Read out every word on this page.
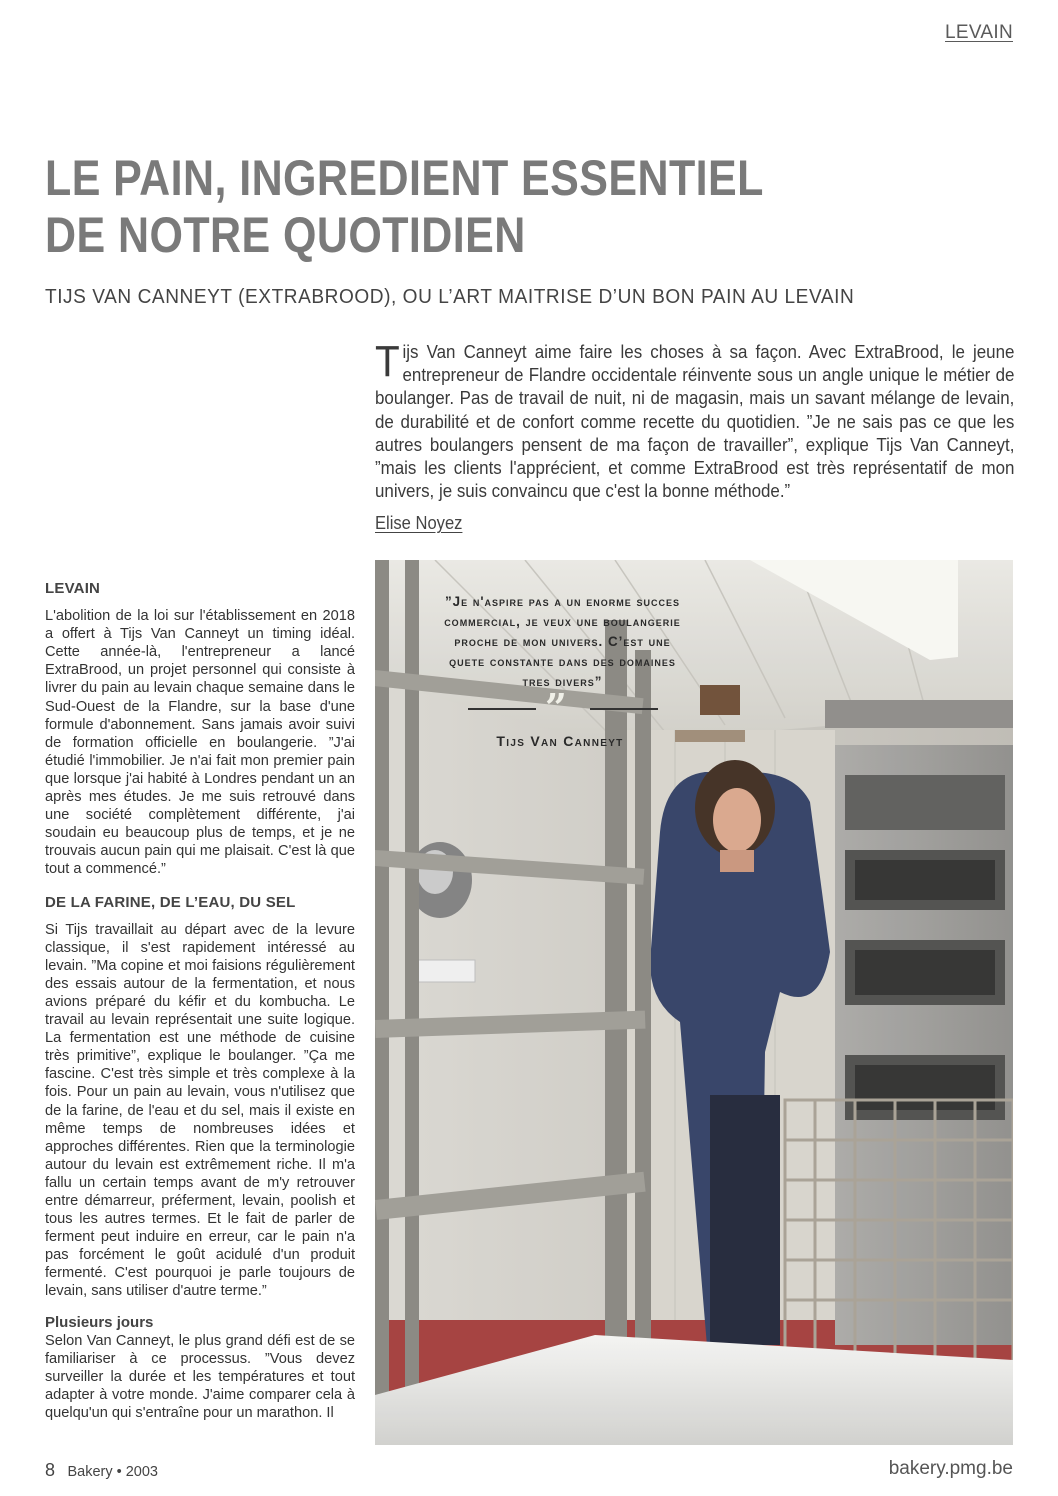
LEVAIN
LE PAIN, INGREDIENT ESSENTIEL
DE NOTRE QUOTIDIEN
TIJS VAN CANNEYT (EXTRABROOD), OU L’ART MAITRISE D’UN BON PAIN AU LEVAIN
Tijs Van Canneyt aime faire les choses à sa façon. Avec ExtraBrood, le jeune entrepreneur de Flandre occidentale réinvente sous un angle unique le métier de boulanger. Pas de travail de nuit, ni de magasin, mais un savant mélange de levain, de durabilité et de confort comme recette du quotidien. ”Je ne sais pas ce que les autres boulangers pensent de ma façon de travailler”, explique Tijs Van Canneyt, ”mais les clients l'apprécient, et comme ExtraBrood est très représentatif de mon univers, je suis convaincu que c'est la bonne méthode.”
Elise Noyez
LEVAIN

L'abolition de la loi sur l'établissement en 2018 a offert à Tijs Van Canneyt un timing idéal. Cette année-là, l'entrepreneur a lancé ExtraBrood, un projet personnel qui consiste à livrer du pain au levain chaque semaine dans le Sud-Ouest de la Flandre, sur la base d'une formule d'abonnement. Sans jamais avoir suivi de formation officielle en boulangerie. ”J'ai étudié l'immobilier. Je n'ai fait mon premier pain que lorsque j'ai habité à Londres pendant un an après mes études. Je me suis retrouvé dans une société complètement différente, j'ai soudain eu beaucoup plus de temps, et je ne trouvais aucun pain qui me plaisait. C'est là que tout a commencé.”

DE LA FARINE, DE L’EAU, DU SEL

Si Tijs travaillait au départ avec de la levure classique, il s'est rapidement intéressé au levain. ”Ma copine et moi faisions régulièrement des essais autour de la fermentation, et nous avions préparé du kéfir et du kombucha. Le travail au levain représentait une suite logique. La fermentation est une méthode de cuisine très primitive”, explique le boulanger. ”Ça me fascine. C'est très simple et très complexe à la fois. Pour un pain au levain, vous n'utilisez que de la farine, de l'eau et du sel, mais il existe en même temps de nombreuses idées et approches différentes. Rien que la terminologie autour du levain est extrêmement riche. Il m'a fallu un certain temps avant de m'y retrouver entre démarreur, préferment, levain, poolish et tous les autres termes. Et le fait de parler de ferment peut induire en erreur, car le pain n'a pas forcément le goût acidulé d'un produit fermenté. C'est pourquoi je parle toujours de levain, sans utiliser d'autre terme.”

Plusieurs jours

Selon Van Canneyt, le plus grand défi est de se familiariser à ce processus. ”Vous devez surveiller la durée et les températures et tout adapter à votre monde. J'aime comparer cela à quelqu'un qui s'entraîne pour un marathon. Il

”Je n'aspire pas a un enorme succes
commercial, je veux une boulangerie
proche de mon univers. C’est une
quete constante dans des domaines
tres divers”
”
Tijs Van Canneyt
8 Bakery • 2003	bakery.pmg.be
